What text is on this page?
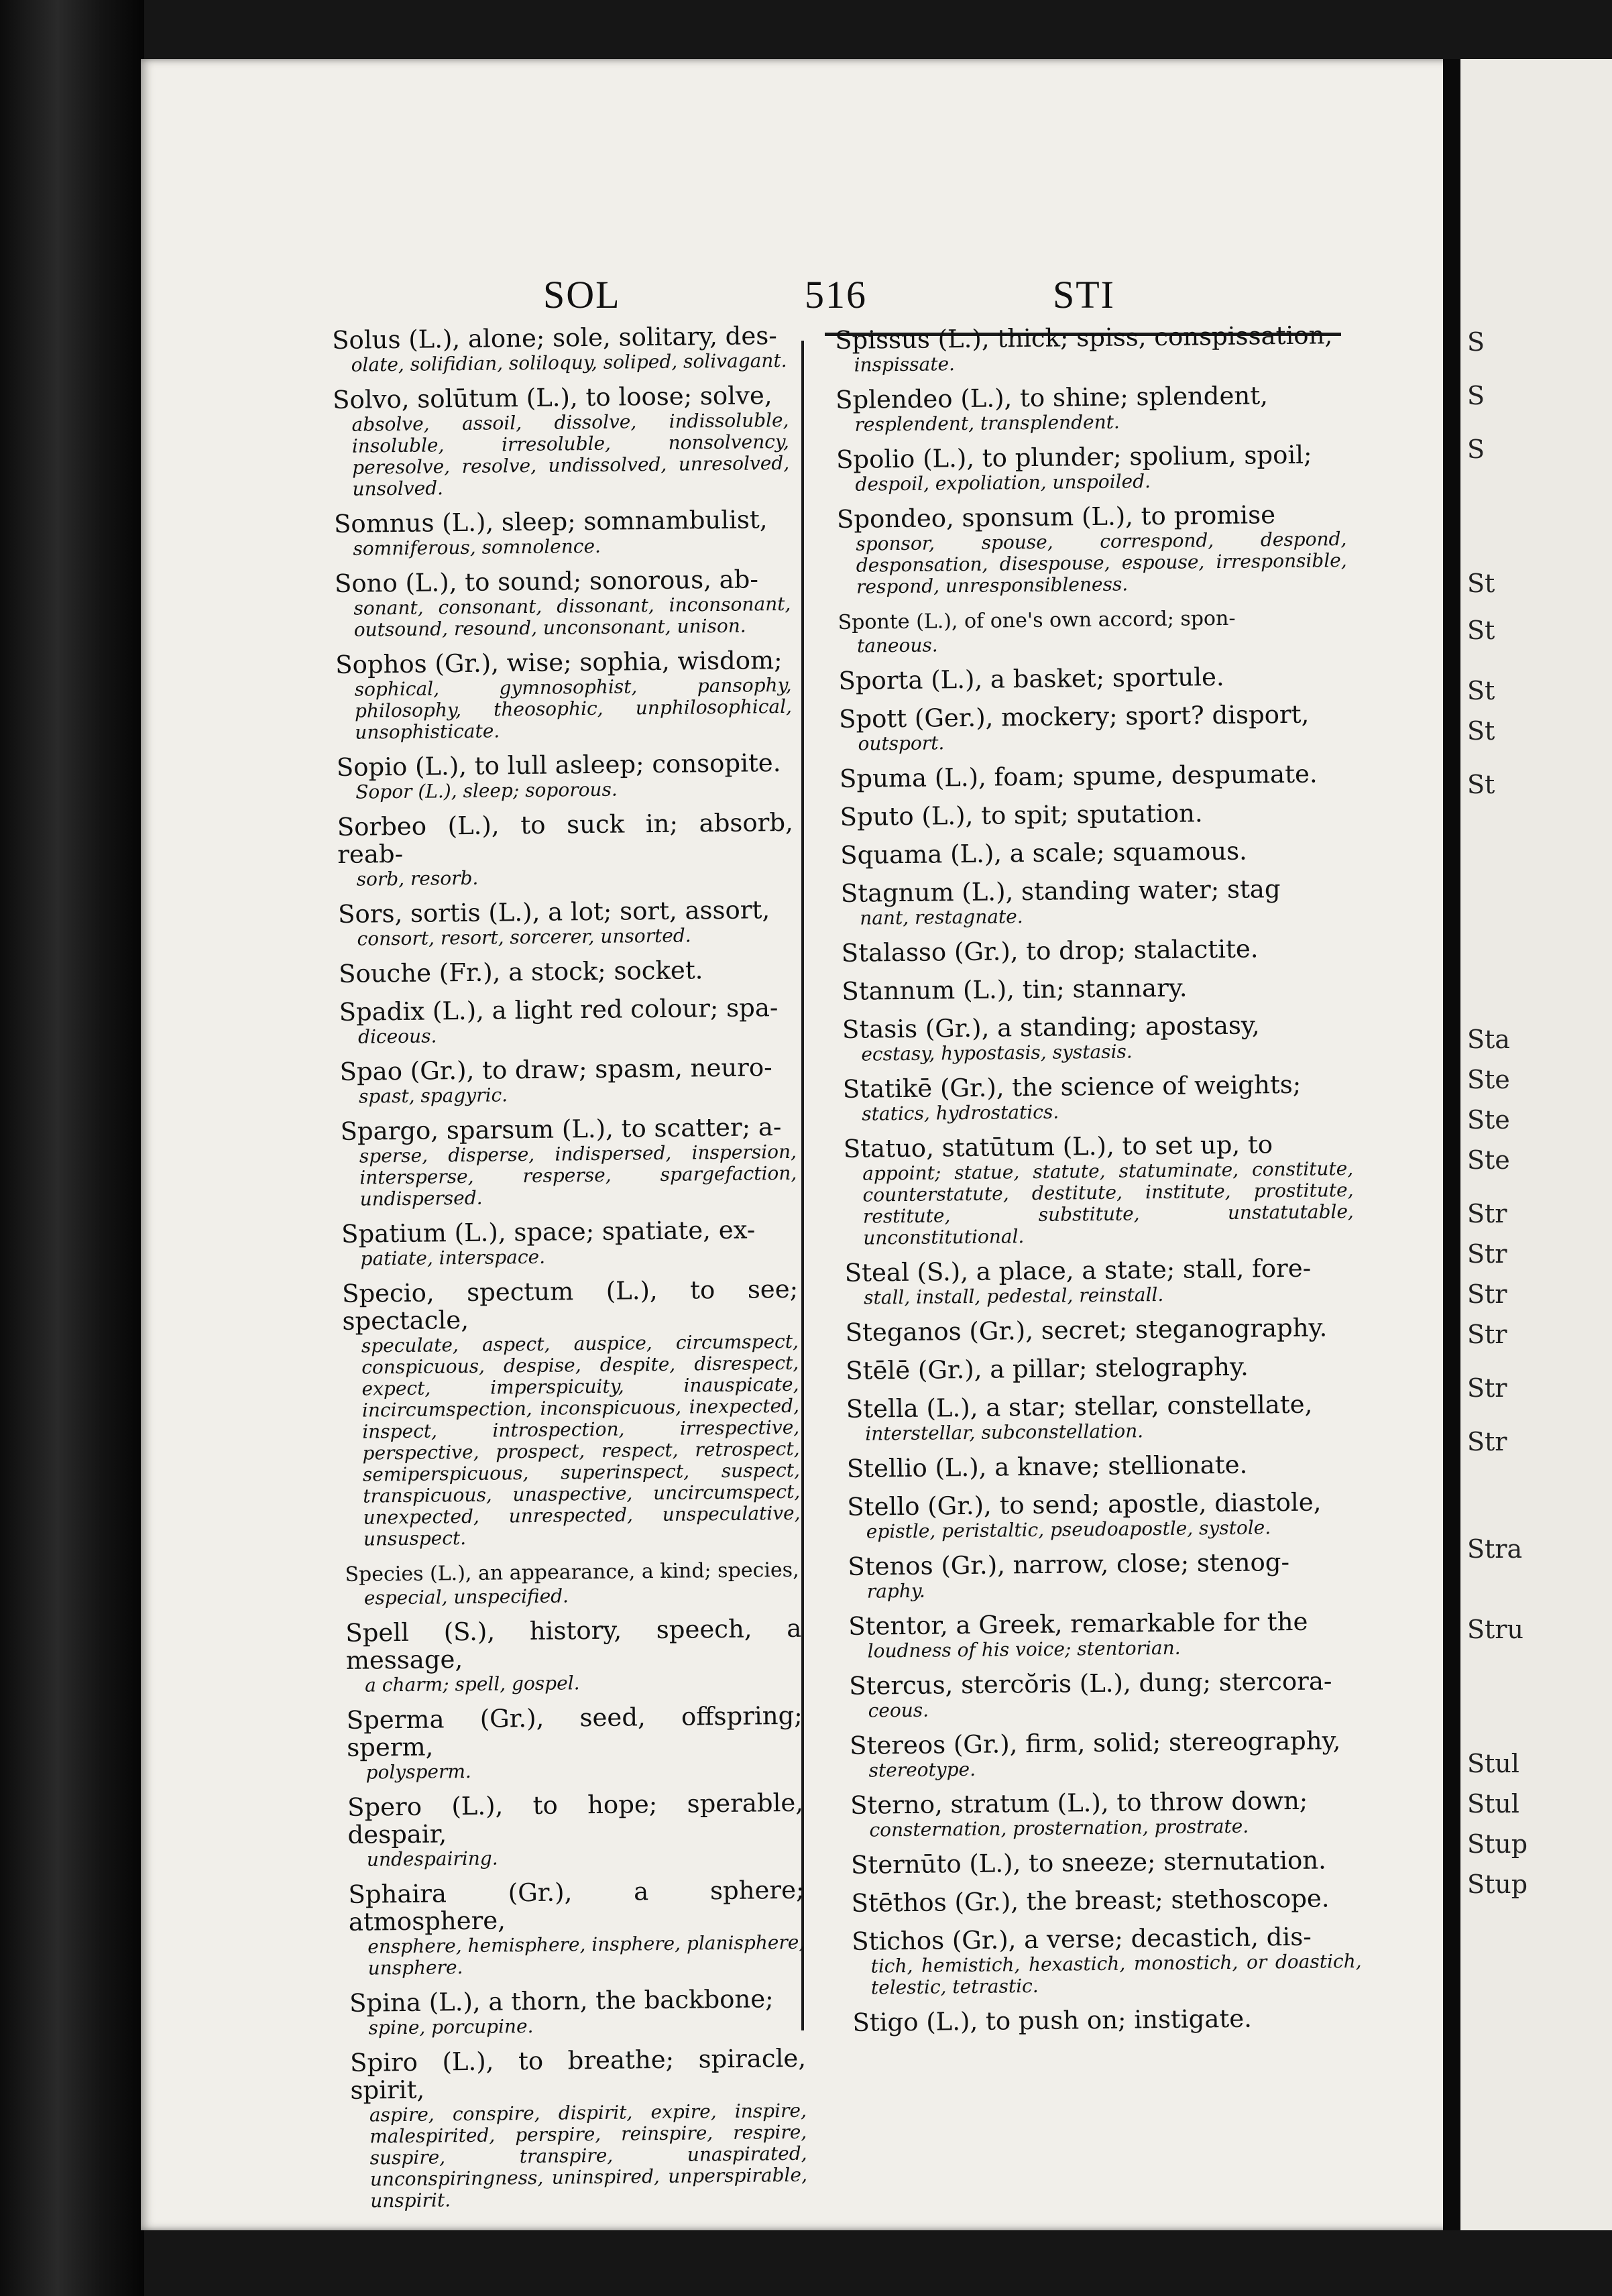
SOL	516	STI
Solus (L.), alone; sole, solitary, des-
olate, solifidian, soliloquy, soliped, solivagant.
Solvo, solūtum (L.), to loose; solve,
absolve, assoil, dissolve, indissoluble, insoluble, irresoluble, nonsolvency, peresolve, resolve, undissolved, unresolved, unsolved.
Somnus (L.), sleep; somnambulist,
somniferous, somnolence.
Sono (L.), to sound; sonorous, ab-
sonant, consonant, dissonant, inconsonant, outsound, resound, unconsonant, unison.
Sophos (Gr.), wise; sophia, wisdom;
sophical, gymnosophist, pansophy, philosophy, theosophic, unphilosophical, unsophisticate.
Sopio (L.), to lull asleep; consopite.
Sopor (L.), sleep; soporous.
Sorbeo (L.), to suck in; absorb, reab-
sorb, resorb.
Sors, sortis (L.), a lot; sort, assort,
consort, resort, sorcerer, unsorted.
Souche (Fr.), a stock; socket.
Spadix (L.), a light red colour; spa-
diceous.
Spao (Gr.), to draw; spasm, neuro-
spast, spagyric.
Spargo, sparsum (L.), to scatter; a-
sperse, disperse, indispersed, inspersion, intersperse, resperse, spargefaction, undispersed.
Spatium (L.), space; spatiate, ex-
patiate, interspace.
Specio, spectum (L.), to see; spectacle,
speculate, aspect, auspice, circumspect, conspicuous, despise, despite, disrespect, expect, imperspicuity, inauspicate, incircumspection, inconspicuous, inexpected, inspect, introspection, irrespective, perspective, prospect, respect, retrospect, semiperspicuous, superinspect, suspect, transpicuous, unaspective, uncircumspect, unexpected, unrespected, unspeculative, unsuspect.
Species (L.), an appearance, a kind; species,
especial, unspecified.
Spell (S.), history, speech, a message,
a charm; spell, gospel.
Sperma (Gr.), seed, offspring; sperm,
polysperm.
Spero (L.), to hope; sperable, despair,
undespairing.
Sphaira (Gr.), a sphere; atmosphere,
ensphere, hemisphere, insphere, planisphere, unsphere.
Spina (L.), a thorn, the backbone;
spine, porcupine.
Spiro (L.), to breathe; spiracle, spirit,
aspire, conspire, dispirit, expire, inspire, malespirited, perspire, reinspire, respire, suspire, transpire, unaspirated, unconspiringness, uninspired, unperspirable, unspirit.
Spissus (L.), thick; spiss, conspissation,
inspissate.
Splendeo (L.), to shine; splendent,
resplendent, transplendent.
Spolio (L.), to plunder; spolium, spoil;
despoil, expoliation, unspoiled.
Spondeo, sponsum (L.), to promise
sponsor, spouse, correspond, despond, desponsation, disespouse, espouse, irresponsible, respond, unresponsibleness.
Sponte (L.), of one's own accord; spon-
taneous.
Sporta (L.), a basket; sportule.
Spott (Ger.), mockery; sport? disport,
outsport.
Spuma (L.), foam; spume, despumate.
Sputo (L.), to spit; sputation.
Squama (L.), a scale; squamous.
Stagnum (L.), standing water; stag
nant, restagnate.
Stalasso (Gr.), to drop; stalactite.
Stannum (L.), tin; stannary.
Stasis (Gr.), a standing; apostasy,
ecstasy, hypostasis, systasis.
Statikē (Gr.), the science of weights;
statics, hydrostatics.
Statuo, statūtum (L.), to set up, to
appoint; statue, statute, statuminate, constitute, counterstatute, destitute, institute, prostitute, restitute, substitute, unstatutable, unconstitutional.
Steal (S.), a place, a state; stall, fore-
stall, install, pedestal, reinstall.
Steganos (Gr.), secret; steganography.
Stēlē (Gr.), a pillar; stelography.
Stella (L.), a star; stellar, constellate,
interstellar, subconstellation.
Stellio (L.), a knave; stellionate.
Stello (Gr.), to send; apostle, diastole,
epistle, peristaltic, pseudoapostle, systole.
Stenos (Gr.), narrow, close; stenog-
raphy.
Stentor, a Greek, remarkable for the
loudness of his voice; stentorian.
Stercus, stercŏris (L.), dung; stercora-
ceous.
Stereos (Gr.), firm, solid; stereography,
stereotype.
Sterno, stratum (L.), to throw down;
consternation, prosternation, prostrate.
Sternūto (L.), to sneeze; sternutation.
Stēthos (Gr.), the breast; stethoscope.
Stichos (Gr.), a verse; decastich, dis-
tich, hemistich, hexastich, monostich, or doastich, telestic, tetrastic.
Stigo (L.), to push on; instigate.
S
S
S
St
St
St
St
St
Sta
Ste
Ste
Ste
Str
Str
Str
Str
Str
Str
Stra
Stru
Stul
Stul
Stup
Stup
